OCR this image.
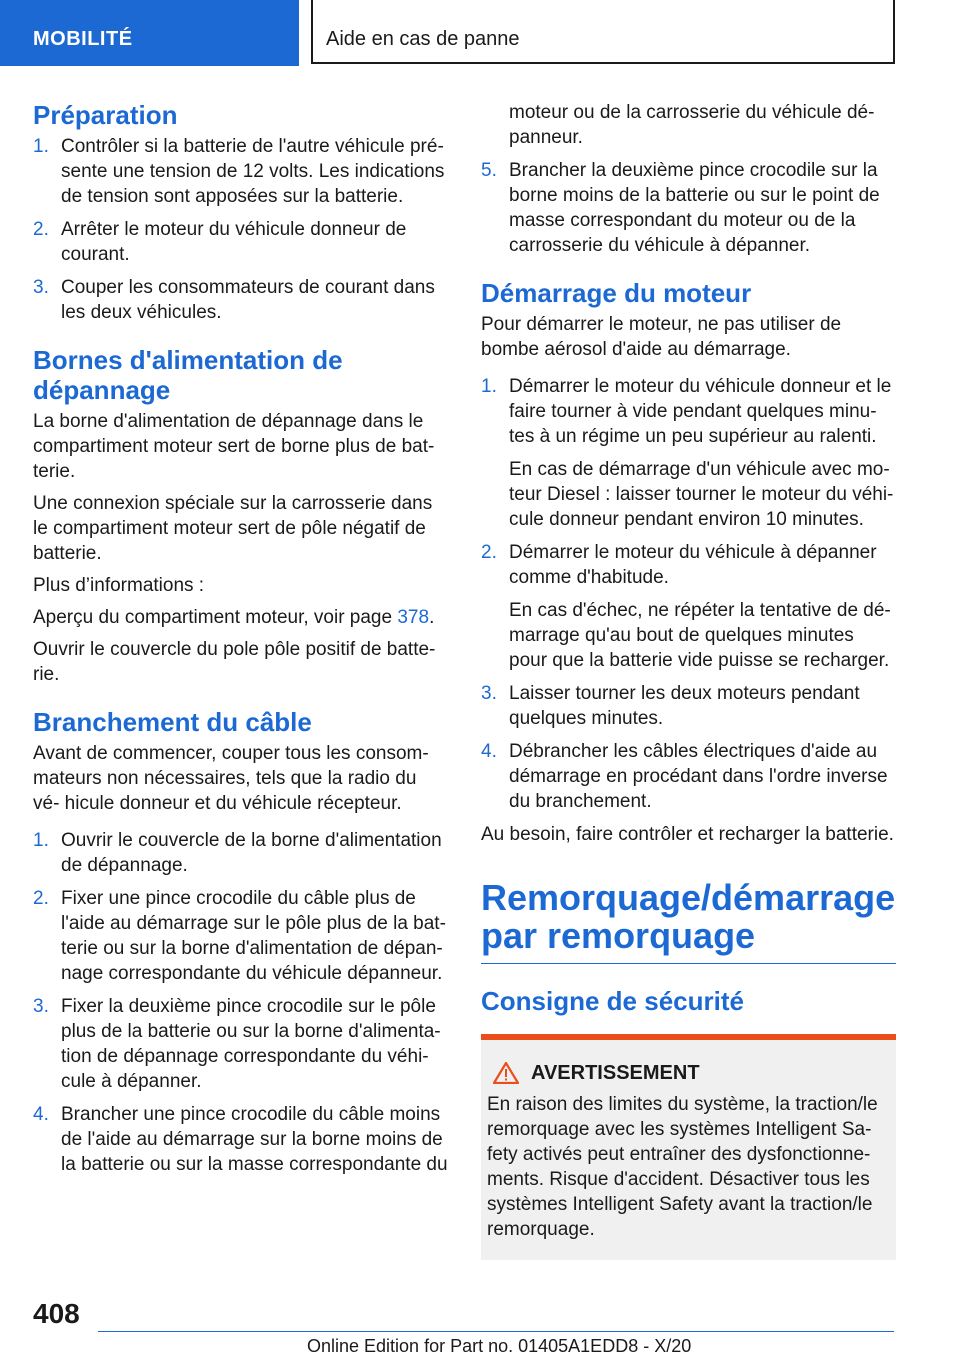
MOBILITÉ	Aide en cas de panne
Préparation
1. Contrôler si la batterie de l'autre véhicule pré- sente une tension de 12 volts. Les indications de tension sont apposées sur la batterie.
2. Arrêter le moteur du véhicule donneur de courant.
3. Couper les consommateurs de courant dans les deux véhicules.
Bornes d'alimentation de dépannage

La borne d'alimentation de dépannage dans le compartiment moteur sert de borne plus de bat- terie.

Une connexion spéciale sur la carrosserie dans le compartiment moteur sert de pôle négatif de batterie.

Plus d’informations :

Aperçu du compartiment moteur, voir page 378.

Ouvrir le couvercle du pole pôle positif de batte- rie.

Branchement du câble

Avant de commencer, couper tous les consom- mateurs non nécessaires, tels que la radio du vé- hicule donneur et du véhicule récepteur.

1. Ouvrir le couvercle de la borne d'alimentation de dépannage.
2. Fixer une pince crocodile du câble plus de l'aide au démarrage sur le pôle plus de la bat- terie ou sur la borne d'alimentation de dépan- nage correspondante du véhicule dépanneur.
3. Fixer la deuxième pince crocodile sur le pôle plus de la batterie ou sur la borne d'alimenta- tion de dépannage correspondante du véhi- cule à dépanner.
4. Brancher une pince crocodile du câble moins de l'aide au démarrage sur la borne moins de la batterie ou sur la masse correspondante du
moteur ou de la carrosserie du véhicule dé- panneur.
5. Brancher la deuxième pince crocodile sur la borne moins de la batterie ou sur le point de masse correspondant du moteur ou de la carrosserie du véhicule à dépanner.
Démarrage du moteur

Pour démarrer le moteur, ne pas utiliser de bombe aérosol d'aide au démarrage.

1. Démarrer le moteur du véhicule donneur et le faire tourner à vide pendant quelques minu- tes à un régime un peu supérieur au ralenti.
En cas de démarrage d'un véhicule avec mo- teur Diesel : laisser tourner le moteur du véhi- cule donneur pendant environ 10 minutes.
2. Démarrer le moteur du véhicule à dépanner comme d'habitude.
En cas d'échec, ne répéter la tentative de dé- marrage qu'au bout de quelques minutes pour que la batterie vide puisse se recharger.
3. Laisser tourner les deux moteurs pendant quelques minutes.
4. Débrancher les câbles électriques d'aide au démarrage en procédant dans l'ordre inverse du branchement.

Au besoin, faire contrôler et recharger la batterie.

Remorquage/démarrage par remorquage
Consigne de sécurité
AVERTISSEMENT
En raison des limites du système, la traction/le remorquage avec les systèmes Intelligent Sa- fety activés peut entraîner des dysfonctionne- ments. Risque d'accident. Désactiver tous les systèmes Intelligent Safety avant la traction/le remorquage.
408
Online Edition for Part no. 01405A1EDD8 - X/20
